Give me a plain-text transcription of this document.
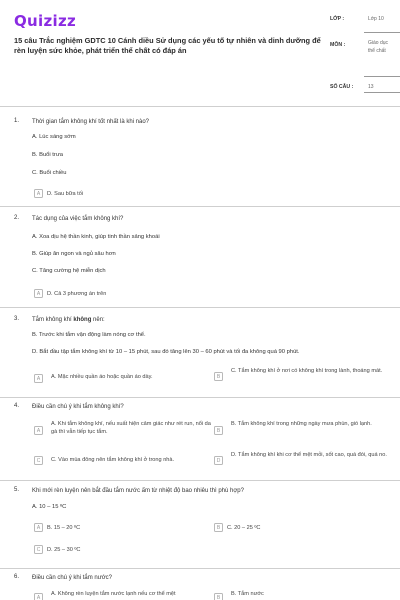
Quizizz
15 câu Trắc nghiệm GDTC 10 Cánh diều Sử dụng các yếu tố tự nhiên và dinh dưỡng để rèn luyện sức khỏe, phát triển thể chất có đáp án
LỚP :	Lớp 10
MÔN :	Giáo dục thể chất
SỐ CÂU :	13
1. Thời gian tắm không khí tốt nhất là khi nào?
A. Lúc sáng sớm
B. Buổi trưa
C. Buổi chiều
A D. Sau bữa tối
2. Tác dụng của việc tắm không khí?
A. Xoa dịu hệ thần kinh, giúp tinh thần sảng khoái
B. Giúp ăn ngon và ngủ sâu hơn
C. Tăng cường hệ miễn dịch
A D. Cả 3 phương án trên
3. Tắm không khí không nên:
B. Trước khi tắm vận động làm nóng cơ thể.
D. Bắt đầu tập tắm không khí từ 10 – 15 phút, sau đó tăng lên 30 – 60 phút và tối đa không quá 90 phút.
A	A. Mặc nhiều quần áo hoặc quần áo dày.	B
C. Tắm không khí ở nơi có không khí trong lành, thoáng mát.
4. Điều cần chú ý khi tắm không khí?
A
A. Khi tắm không khí, nếu xuất hiện cảm giác như rét run, nổi da gà thì vẫn tiếp tục tắm.	B
B. Tắm không khí trong những ngày mưa phùn, gió lạnh.
C	C. Vào mùa đông nên tắm không khí ở trong nhà.	D
D. Tắm không khí khi cơ thể mệt mỏi, sốt cao, quá đói, quá no.
5. Khi mới rèn luyện nên bắt đầu tắm nước ấm từ nhiệt độ bao nhiêu thì phù hợp?
A. 10 – 15 ºC
A B. 15 – 20 ºC	B C. 20 – 25 ºC
C D. 25 – 30 ºC
6. Điều cần chú ý khi tắm nước?
A
A. Không rèn luyện tắm nước lạnh nếu cơ thể mệt
B
B. Tắm nước
